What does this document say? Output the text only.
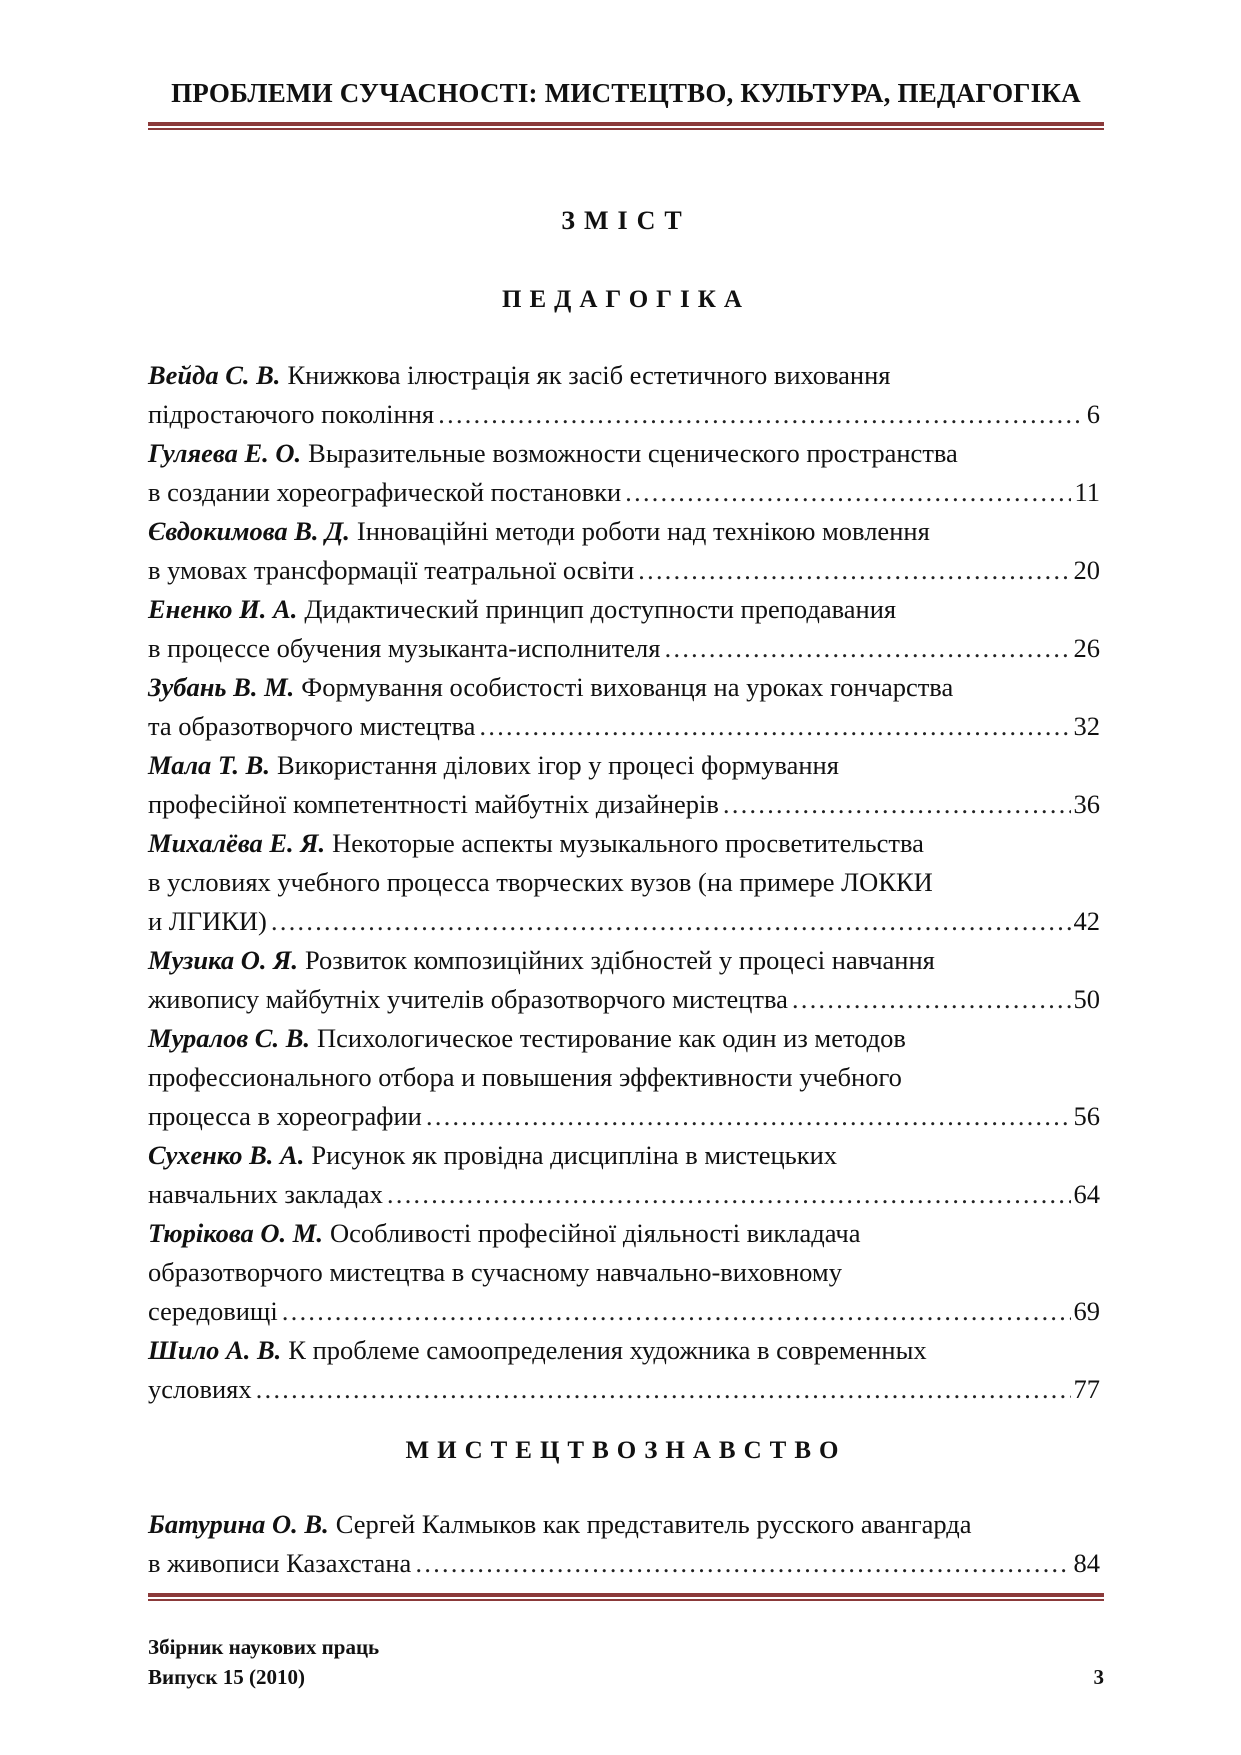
ПРОБЛЕМИ СУЧАСНОСТІ: МИСТЕЦТВО, КУЛЬТУРА, ПЕДАГОГІКА
ЗМІСТ
ПЕДАГОГІКА
Вейда С. В. Книжкова ілюстрація як засіб естетичного виховання
підростаючого покоління ……………………………………………………………………………………………………………………………………………………………	6
Гуляева Е. О. Выразительные возможности сценического пространства
в создании хореографической постановки ……………………………………………………………………………………………………………………………………………………………	11
Євдокимова В. Д. Інноваційні методи роботи над технікою мовлення
в умовах трансформації театральної освіти ……………………………………………………………………………………………………………………………………………………………	20
Ененко И. А. Дидактический принцип доступности преподавания
в процессе обучения музыканта-исполнителя ……………………………………………………………………………………………………………………………………………………………	26
Зубань В. М. Формування особистості вихованця на уроках гончарства
та образотворчого мистецтва ……………………………………………………………………………………………………………………………………………………………	32
Мала Т. В. Використання ділових ігор у процесі формування
професійної компетентності майбутніх дизайнерів ……………………………………………………………………………………………………………………………………………………………	36
Михалёва Е. Я. Некоторые аспекты музыкального просветительства
в условиях учебного процесса творческих вузов (на примере ЛОККИ
и ЛГИКИ) ……………………………………………………………………………………………………………………………………………………………	42
Музика О. Я. Розвиток композиційних здібностей у процесі навчання
живопису майбутніх учителів образотворчого мистецтва ……………………………………………………………………………………………………………………………………………………………	50
Муралов С. В. Психологическое тестирование как один из методов
профессионального отбора и повышения эффективности учебного
процесса в хореографии ……………………………………………………………………………………………………………………………………………………………	56
Сухенко В. А. Рисунок як провідна дисципліна в мистецьких
навчальних закладах ……………………………………………………………………………………………………………………………………………………………	64
Тюрікова О. М. Особливості професійної діяльності викладача
образотворчого мистецтва в сучасному навчально-виховному
середовищі ……………………………………………………………………………………………………………………………………………………………	69
Шило А. В. К проблеме самоопределения художника в современных
условиях ……………………………………………………………………………………………………………………………………………………………	77
МИСТЕЦТВОЗНАВСТВО
Батурина О. В. Сергей Калмыков как представитель русского авангарда
в живописи Казахстана ……………………………………………………………………………………………………………………………………………………………	84
Збірник наукових праць
Випуск 15 (2010)	3
